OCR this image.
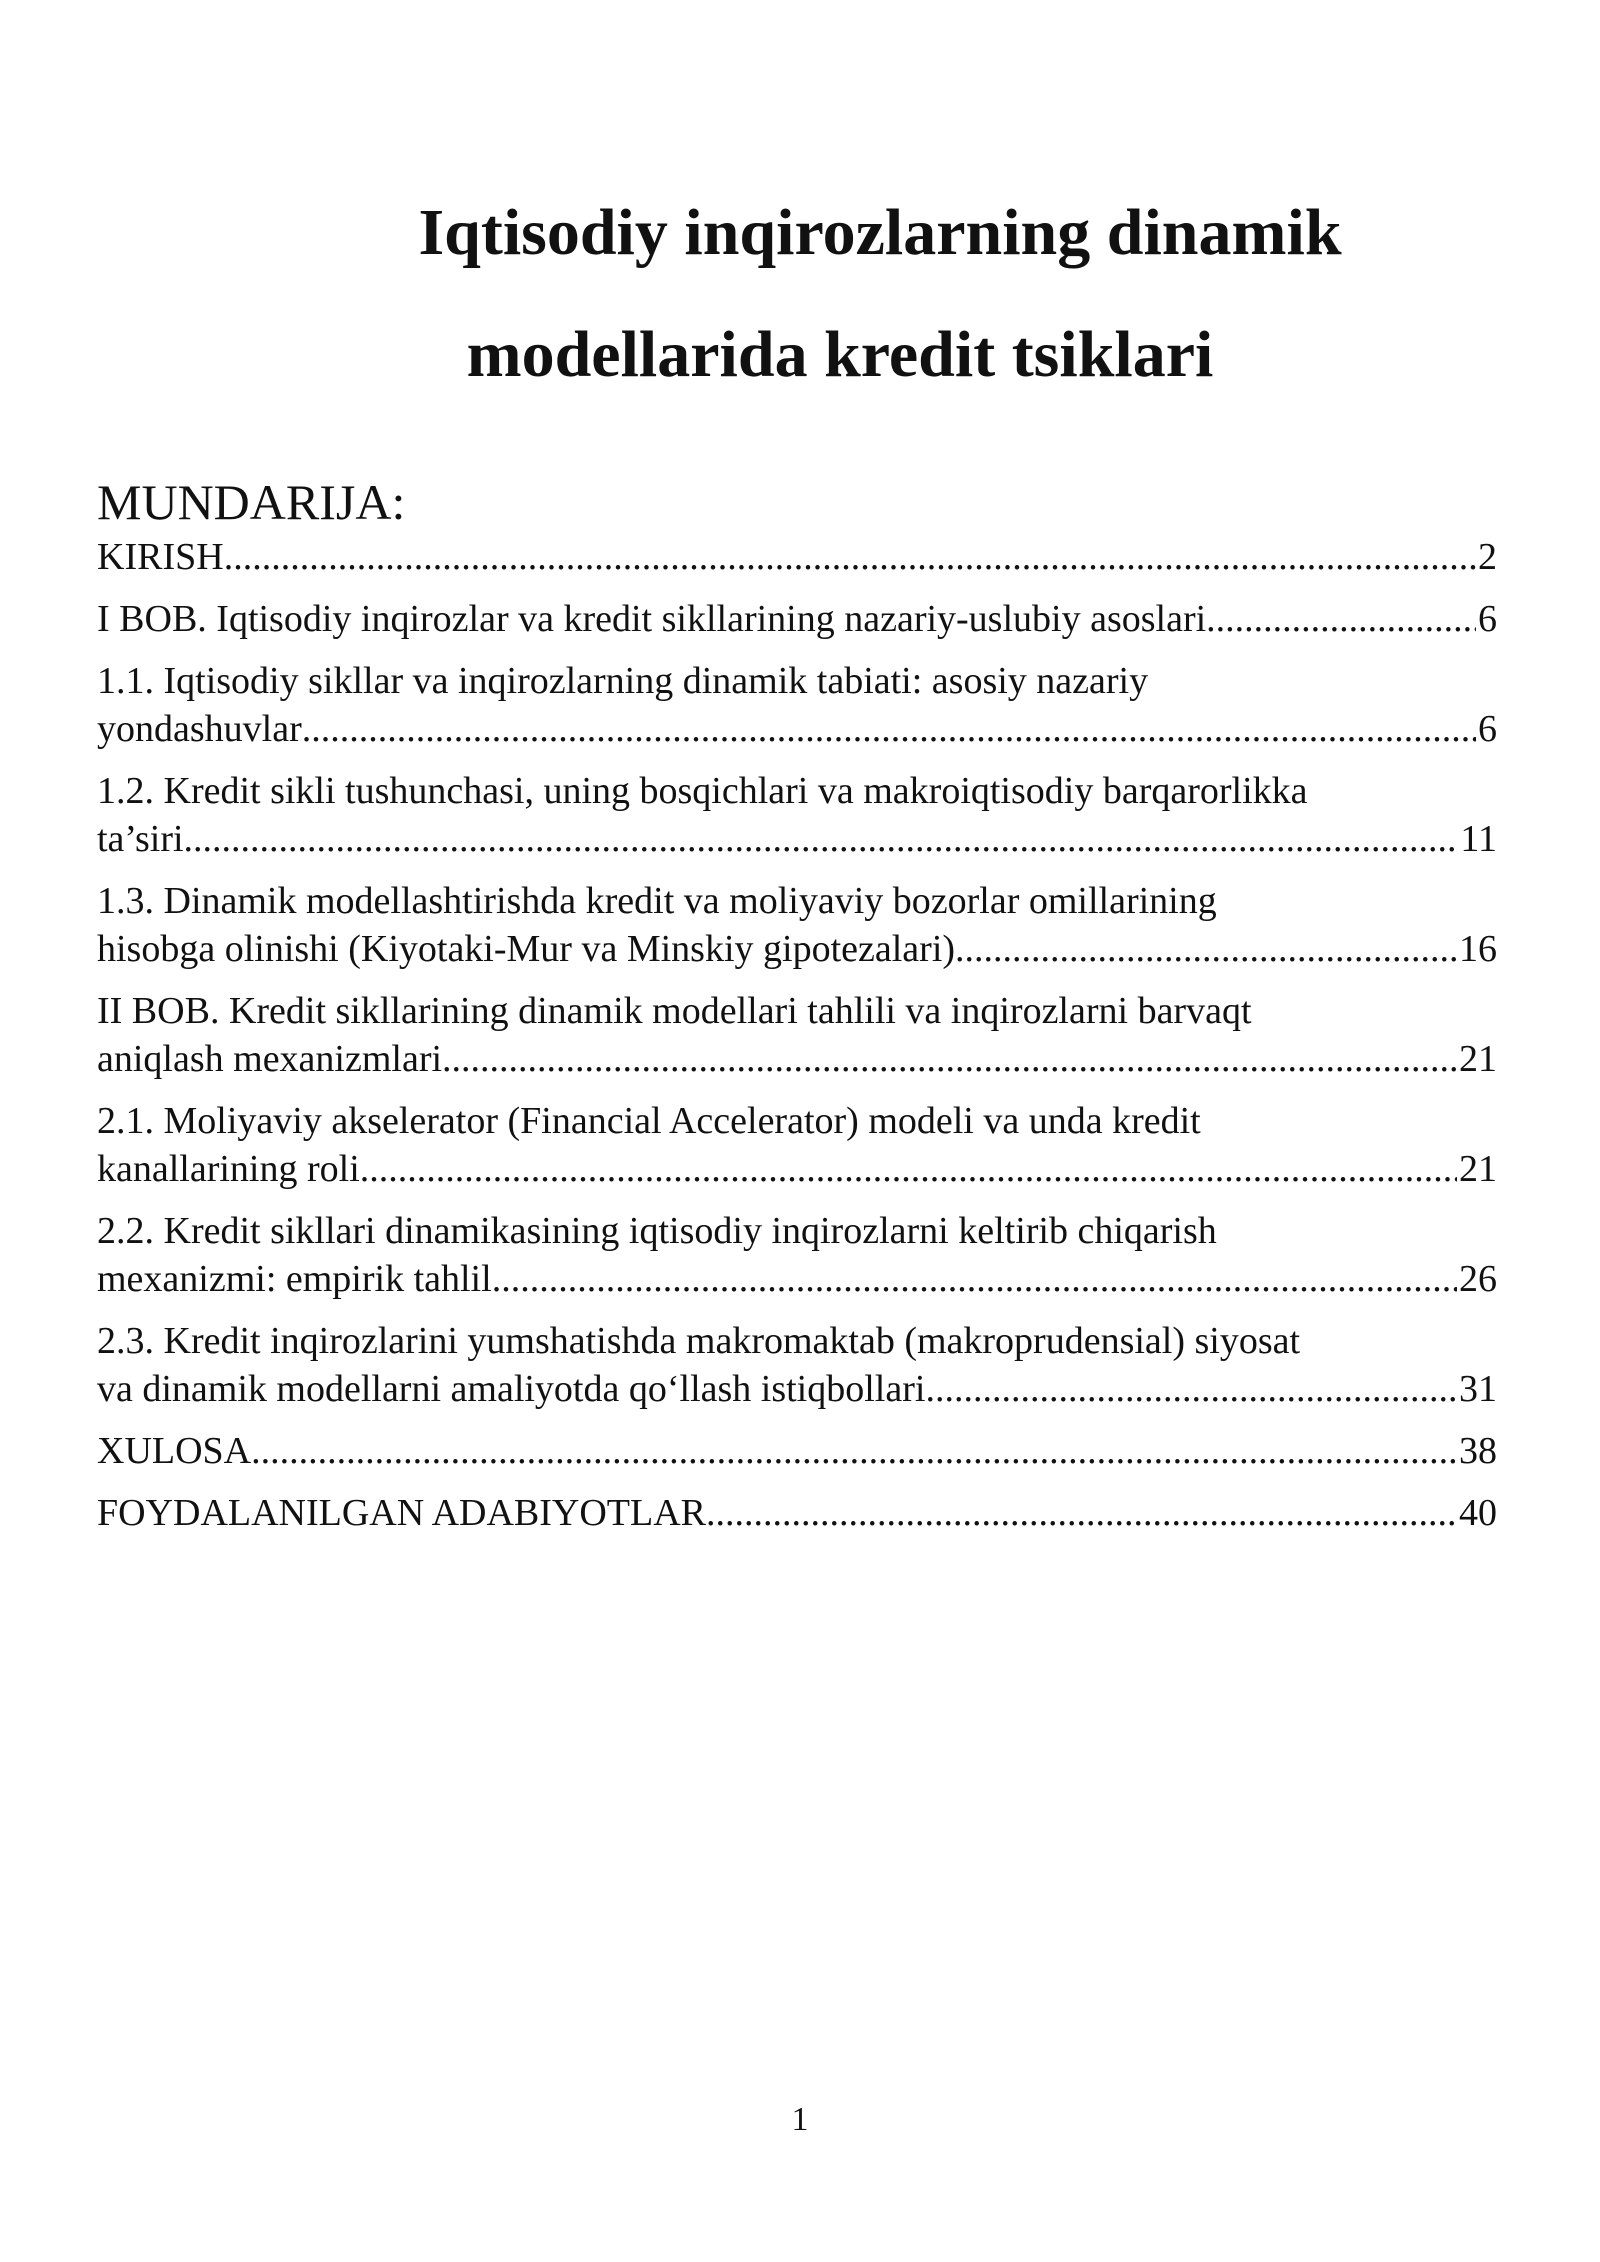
Iqtisodiy inqirozlarning dinamik
modellarida kredit tsiklari
MUNDARIJA:
KIRISH .....	2
I BOB. Iqtisodiy inqirozlar va kredit sikllarining nazariy-uslubiy asoslari .....	6
1.1. Iqtisodiy sikllar va inqirozlarning dinamik tabiati: asosiy nazariy
yondashuvlar .....	6
1.2. Kredit sikli tushunchasi, uning bosqichlari va makroiqtisodiy barqarorlikka
ta’siri .....	11
1.3. Dinamik modellashtirishda kredit va moliyaviy bozorlar omillarining
hisobga olinishi (Kiyotaki-Mur va Minskiy gipotezalari) .....	16
II BOB. Kredit sikllarining dinamik modellari tahlili va inqirozlarni barvaqt
aniqlash mexanizmlari .....	21
2.1. Moliyaviy akselerator (Financial Accelerator) modeli va unda kredit
kanallarining roli .....	21
2.2. Kredit sikllari dinamikasining iqtisodiy inqirozlarni keltirib chiqarish
mexanizmi: empirik tahlil .....	26
2.3. Kredit inqirozlarini yumshatishda makromaktab (makroprudensial) siyosat
va dinamik modellarni amaliyotda qo‘llash istiqbollari .....	31
XULOSA .....	38
FOYDALANILGAN ADABIYOTLAR .....	40
1
